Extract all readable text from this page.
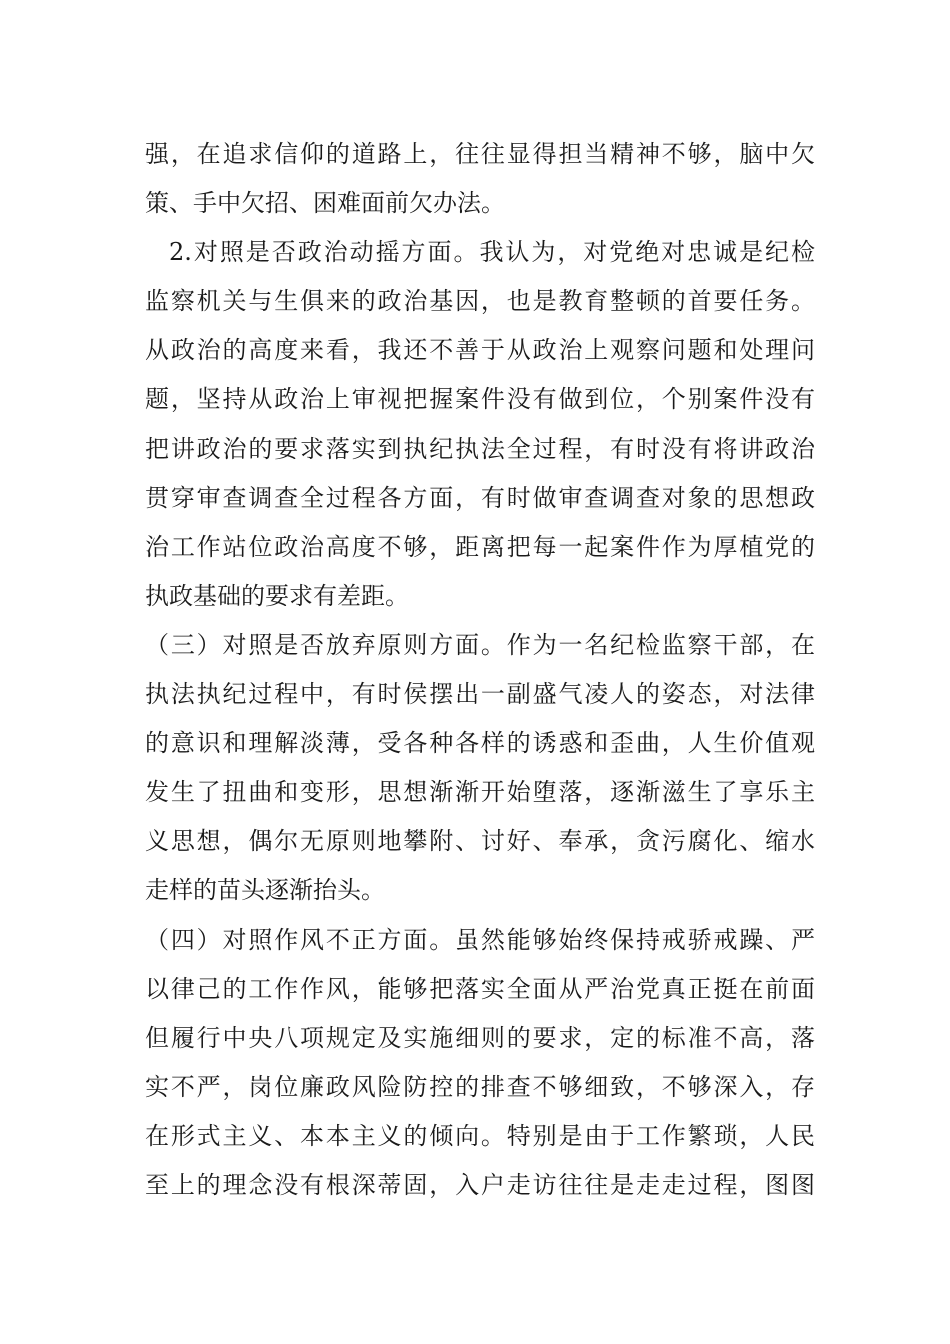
强，在追求信仰的道路上，往往显得担当精神不够，脑中欠
策、手中欠招、困难面前欠办法。
2.对照是否政治动摇方面。我认为，对党绝对忠诚是纪检
监察机关与生俱来的政治基因，也是教育整顿的首要任务。
从政治的高度来看，我还不善于从政治上观察问题和处理问
题，坚持从政治上审视把握案件没有做到位，个别案件没有
把讲政治的要求落实到执纪执法全过程，有时没有将讲政治
贯穿审查调查全过程各方面，有时做审查调查对象的思想政
治工作站位政治高度不够，距离把每一起案件作为厚植党的
执政基础的要求有差距。
（三）对照是否放弃原则方面。作为一名纪检监察干部，在
执法执纪过程中，有时侯摆出一副盛气凌人的姿态，对法律
的意识和理解淡薄，受各种各样的诱惑和歪曲，人生价值观
发生了扭曲和变形，思想渐渐开始堕落，逐渐滋生了享乐主
义思想，偶尔无原则地攀附、讨好、奉承，贪污腐化、缩水
走样的苗头逐渐抬头。
（四）对照作风不正方面。虽然能够始终保持戒骄戒躁、严
以律己的工作作风，能够把落实全面从严治党真正挺在前面
但履行中央八项规定及实施细则的要求，定的标准不高，落
实不严，岗位廉政风险防控的排查不够细致，不够深入，存
在形式主义、本本主义的倾向。特别是由于工作繁琐，人民
至上的理念没有根深蒂固，入户走访往往是走走过程，图图
